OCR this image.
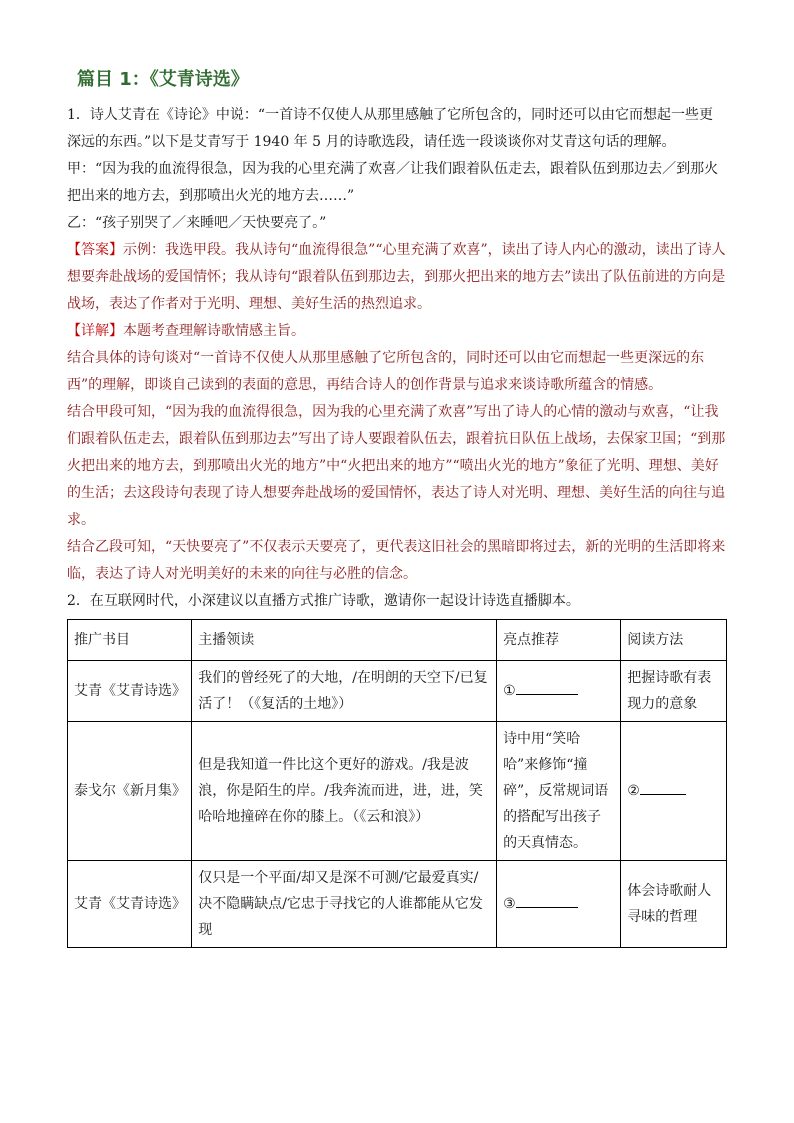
篇目 1：《艾青诗选》

1．诗人艾青在《诗论》中说：“一首诗不仅使人从那里感触了它所包含的，同时还可以由它而想起一些更深远的东西。”以下是艾青写于 1940 年 5 月的诗歌选段，请任选一段谈谈你对艾青这句话的理解。

甲：“因为我的血流得很急，因为我的心里充满了欢喜／让我们跟着队伍走去，跟着队伍到那边去／到那火把出来的地方去，到那喷出火光的地方去……”

乙：“孩子别哭了／来睡吧／天快要亮了。”

【答案】示例：我选甲段。我从诗句“血流得很急”“心里充满了欢喜”，读出了诗人内心的激动，读出了诗人想要奔赴战场的爱国情怀；我从诗句“跟着队伍到那边去，到那火把出来的地方去”读出了队伍前进的方向是战场，表达了作者对于光明、理想、美好生活的热烈追求。

【详解】本题考查理解诗歌情感主旨。

结合具体的诗句谈对“一首诗不仅使人从那里感触了它所包含的，同时还可以由它而想起一些更深远的东西”的理解，即谈自己读到的表面的意思，再结合诗人的创作背景与追求来谈诗歌所蕴含的情感。

结合甲段可知，“因为我的血流得很急，因为我的心里充满了欢喜”写出了诗人的心情的激动与欢喜，“让我们跟着队伍走去，跟着队伍到那边去”写出了诗人要跟着队伍去，跟着抗日队伍上战场，去保家卫国；“到那火把出来的地方去，到那喷出火光的地方”中“火把出来的地方”“喷出火光的地方”象征了光明、理想、美好的生活；去这段诗句表现了诗人想要奔赴战场的爱国情怀，表达了诗人对光明、理想、美好生活的向往与追求。

结合乙段可知，“天快要亮了”不仅表示天要亮了，更代表这旧社会的黑暗即将过去，新的光明的生活即将来临，表达了诗人对光明美好的未来的向往与必胜的信念。

2．在互联网时代，小深建议以直播方式推广诗歌，邀请你一起设计诗选直播脚本。

推广书目	主播领读	亮点推荐	阅读方法
艾青《艾青诗选》	我们的曾经死了的大地，/在明朗的天空下/已复活了！（《复活的土地》）	①	把握诗歌有表现力的意象
泰戈尔《新月集》	但是我知道一件比这个更好的游戏。/我是波浪，你是陌生的岸。/我奔流而进，进，进，笑哈哈地撞碎在你的膝上。（《云和浪》）	诗中用“笑哈哈”来修饰“撞碎”，反常规词语的搭配写出孩子的天真情态。	②
艾青《艾青诗选》	仅只是一个平面/却又是深不可测/它最爱真实/决不隐瞒缺点/它忠于寻找它的人谁都能从它发现	③	体会诗歌耐人寻味的哲理
